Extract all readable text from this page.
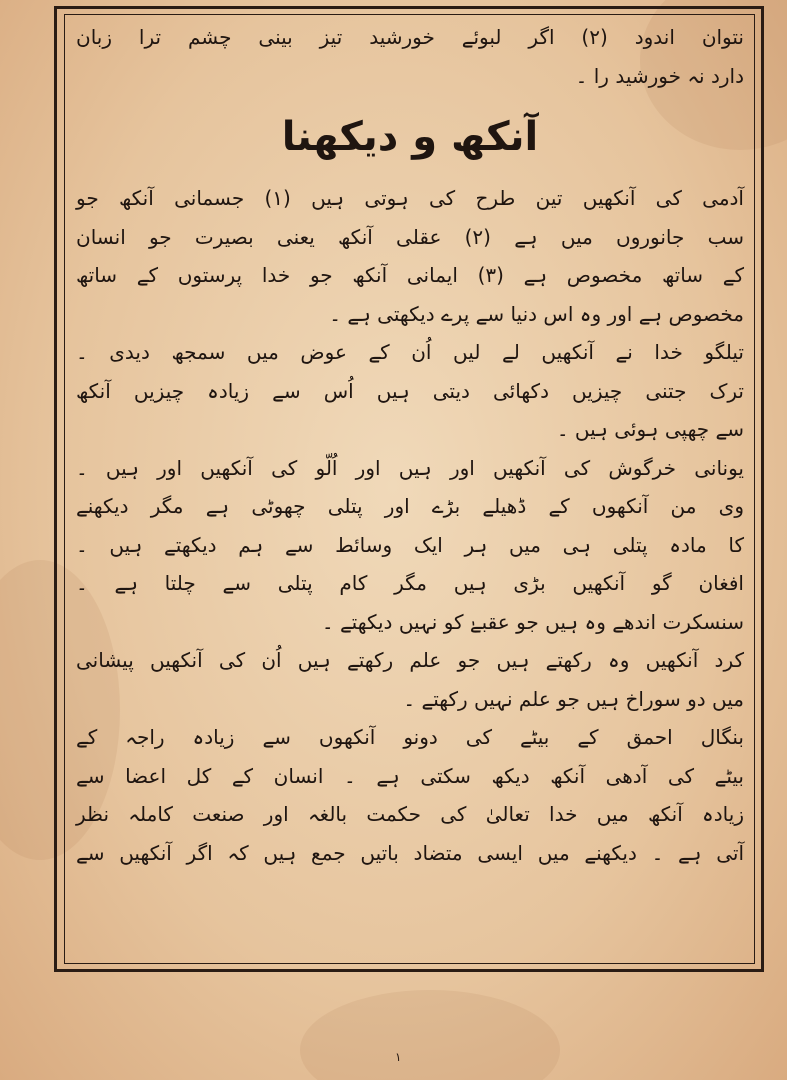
نتوان اندود (۲) اگر لبوئے خورشید تیز بینی چشم ترا زبان
دارد نہ خورشید را ۔
آنکھ و دیکھنا
آدمی کی آنکھیں تین طرح کی ہوتی ہیں (۱) جسمانی آنکھ جو
سب جانوروں میں ہے (۲) عقلی آنکھ یعنی بصیرت جو انسان
کے ساتھ مخصوص ہے (۳) ایمانی آنکھ جو خدا پرستوں کے ساتھ
مخصوص ہے اور وہ اس دنیا سے پرے دیکھتی ہے ۔
تیلگو خدا نے آنکھیں لے لیں اُن کے عوض میں سمجھ دیدی ۔
ترک جتنی چیزیں دکھائی دیتی ہیں اُس سے زیادہ چیزیں آنکھ
سے چھپی ہوئی ہیں ۔
یونانی خرگوش کی آنکھیں اور ہیں اور اُلّو کی آنکھیں اور ہیں ۔
وی من آنکھوں کے ڈھیلے بڑے اور پتلی چھوٹی ہے مگر دیکھنے
کا مادہ پتلی ہی میں ہر ایک وسائط سے ہم دیکھتے ہیں ۔
افغان گو آنکھیں بڑی ہیں مگر کام پتلی سے چلتا ہے ۔
سنسکرت اندھے وہ ہیں جو عقبےٰ کو نہیں دیکھتے ۔
کرد آنکھیں وہ رکھتے ہیں جو علم رکھتے ہیں اُن کی آنکھیں پیشانی
میں دو سوراخ ہیں جو علم نہیں رکھتے ۔
بنگال احمق کے بیٹے کی دونو آنکھوں سے زیادہ راجہ کے
بیٹے کی آدھی آنکھ دیکھ سکتی ہے ۔ انسان کے کل اعضا سے
زیادہ آنکھ میں خدا تعالیٰ کی حکمت بالغہ اور صنعت کاملہ نظر
آتی ہے ۔ دیکھنے میں ایسی متضاد باتیں جمع ہیں کہ اگر آنکھیں سے
۱
